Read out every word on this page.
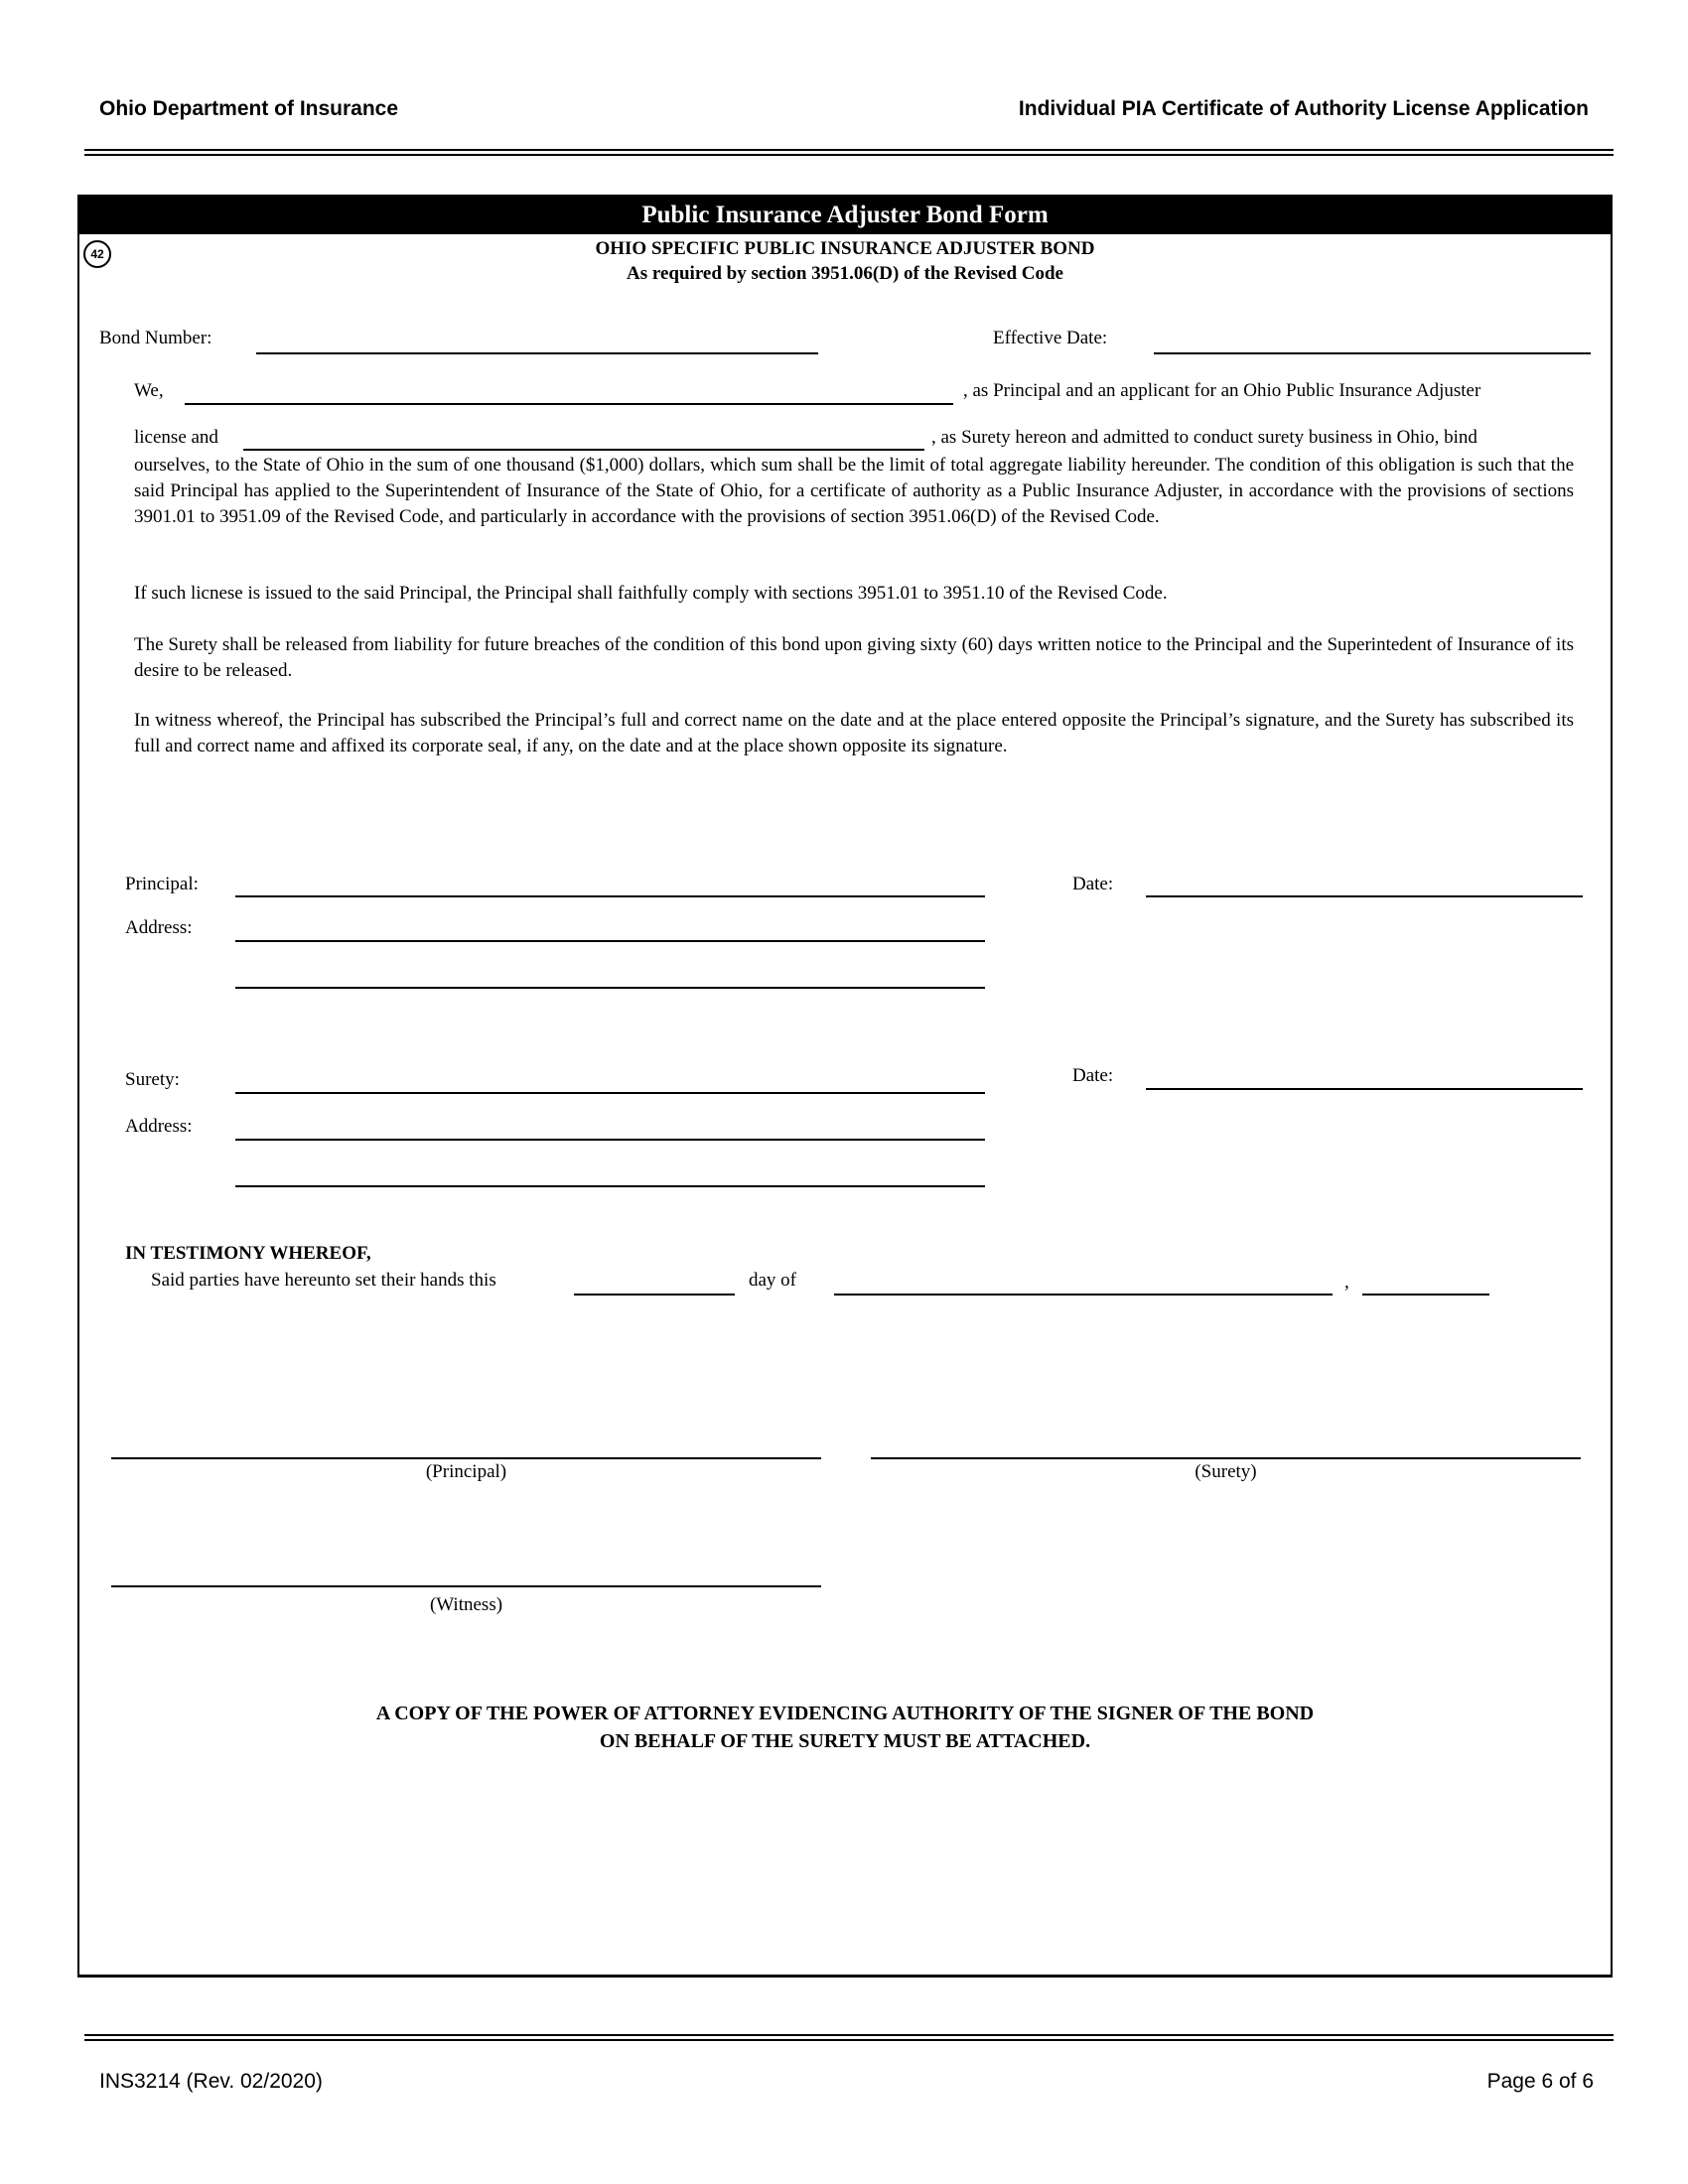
Ohio Department of Insurance	Individual PIA Certificate of Authority License Application
Public Insurance Adjuster Bond Form
42	OHIO SPECIFIC PUBLIC INSURANCE ADJUSTER BOND
As required by section 3951.06(D) of the Revised Code
Bond Number:	Effective Date:
We,	, as Principal and an applicant for an Ohio Public Insurance Adjuster
license and	, as Surety hereon and admitted to conduct surety business in Ohio, bind
ourselves, to the State of Ohio in the sum of one thousand ($1,000) dollars, which sum shall be the limit of total aggregate liability hereunder. The condition of this obligation is such that the said Principal has applied to the Superintendent of Insurance of the State of Ohio, for a certificate of authority as a Public Insurance Adjuster, in accordance with the provisions of sections 3901.01 to 3951.09 of the Revised Code, and particularly in accordance with the provisions of section 3951.06(D) of the Revised Code.
If such licnese is issued to the said Principal, the Principal shall faithfully comply with sections 3951.01 to 3951.10 of the Revised Code.
The Surety shall be released from liability for future breaches of the condition of this bond upon giving sixty (60) days written notice to the Principal and the Superintedent of Insurance of its desire to be released.
In witness whereof, the Principal has subscribed the Principal’s full and correct name on the date and at the place entered opposite the Principal’s signature, and the Surety has subscribed its full and correct name and affixed its corporate seal, if any, on the date and at the place shown opposite its signature.
Principal:	Date:
Address:
Surety:	Date:
Address:
IN TESTIMONY WHEREOF,
Said parties have hereunto set their hands this	day of	,
(Principal)	(Surety)
(Witness)
A COPY OF THE POWER OF ATTORNEY EVIDENCING AUTHORITY OF THE SIGNER OF THE BOND
ON BEHALF OF THE SURETY MUST BE ATTACHED.
INS3214 (Rev. 02/2020)	Page 6 of 6
